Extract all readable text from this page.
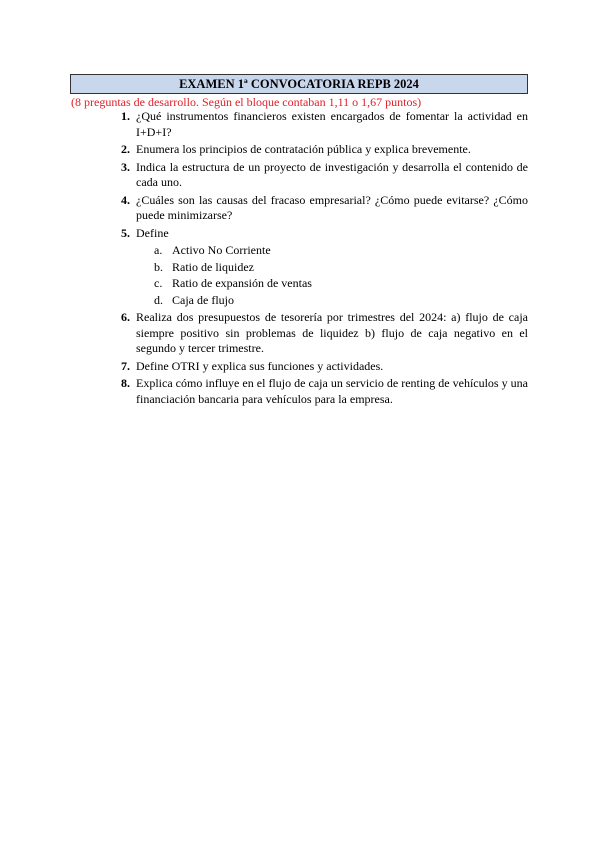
EXAMEN 1ª CONVOCATORIA REPB 2024
(8 preguntas de desarrollo. Según el bloque contaban 1,11 o 1,67 puntos)
1. ¿Qué instrumentos financieros existen encargados de fomentar la actividad en I+D+I?
2. Enumera los principios de contratación pública y explica brevemente.
3. Indica la estructura de un proyecto de investigación y desarrolla el contenido de cada uno.
4. ¿Cuáles son las causas del fracaso empresarial? ¿Cómo puede evitarse? ¿Cómo puede minimizarse?
5. Define
a. Activo No Corriente
b. Ratio de liquidez
c. Ratio de expansión de ventas
d. Caja de flujo
6. Realiza dos presupuestos de tesorería por trimestres del 2024: a) flujo de caja siempre positivo sin problemas de liquidez b) flujo de caja negativo en el segundo y tercer trimestre.
7. Define OTRI y explica sus funciones y actividades.
8. Explica cómo influye en el flujo de caja un servicio de renting de vehículos y una financiación bancaria para vehículos para la empresa.
